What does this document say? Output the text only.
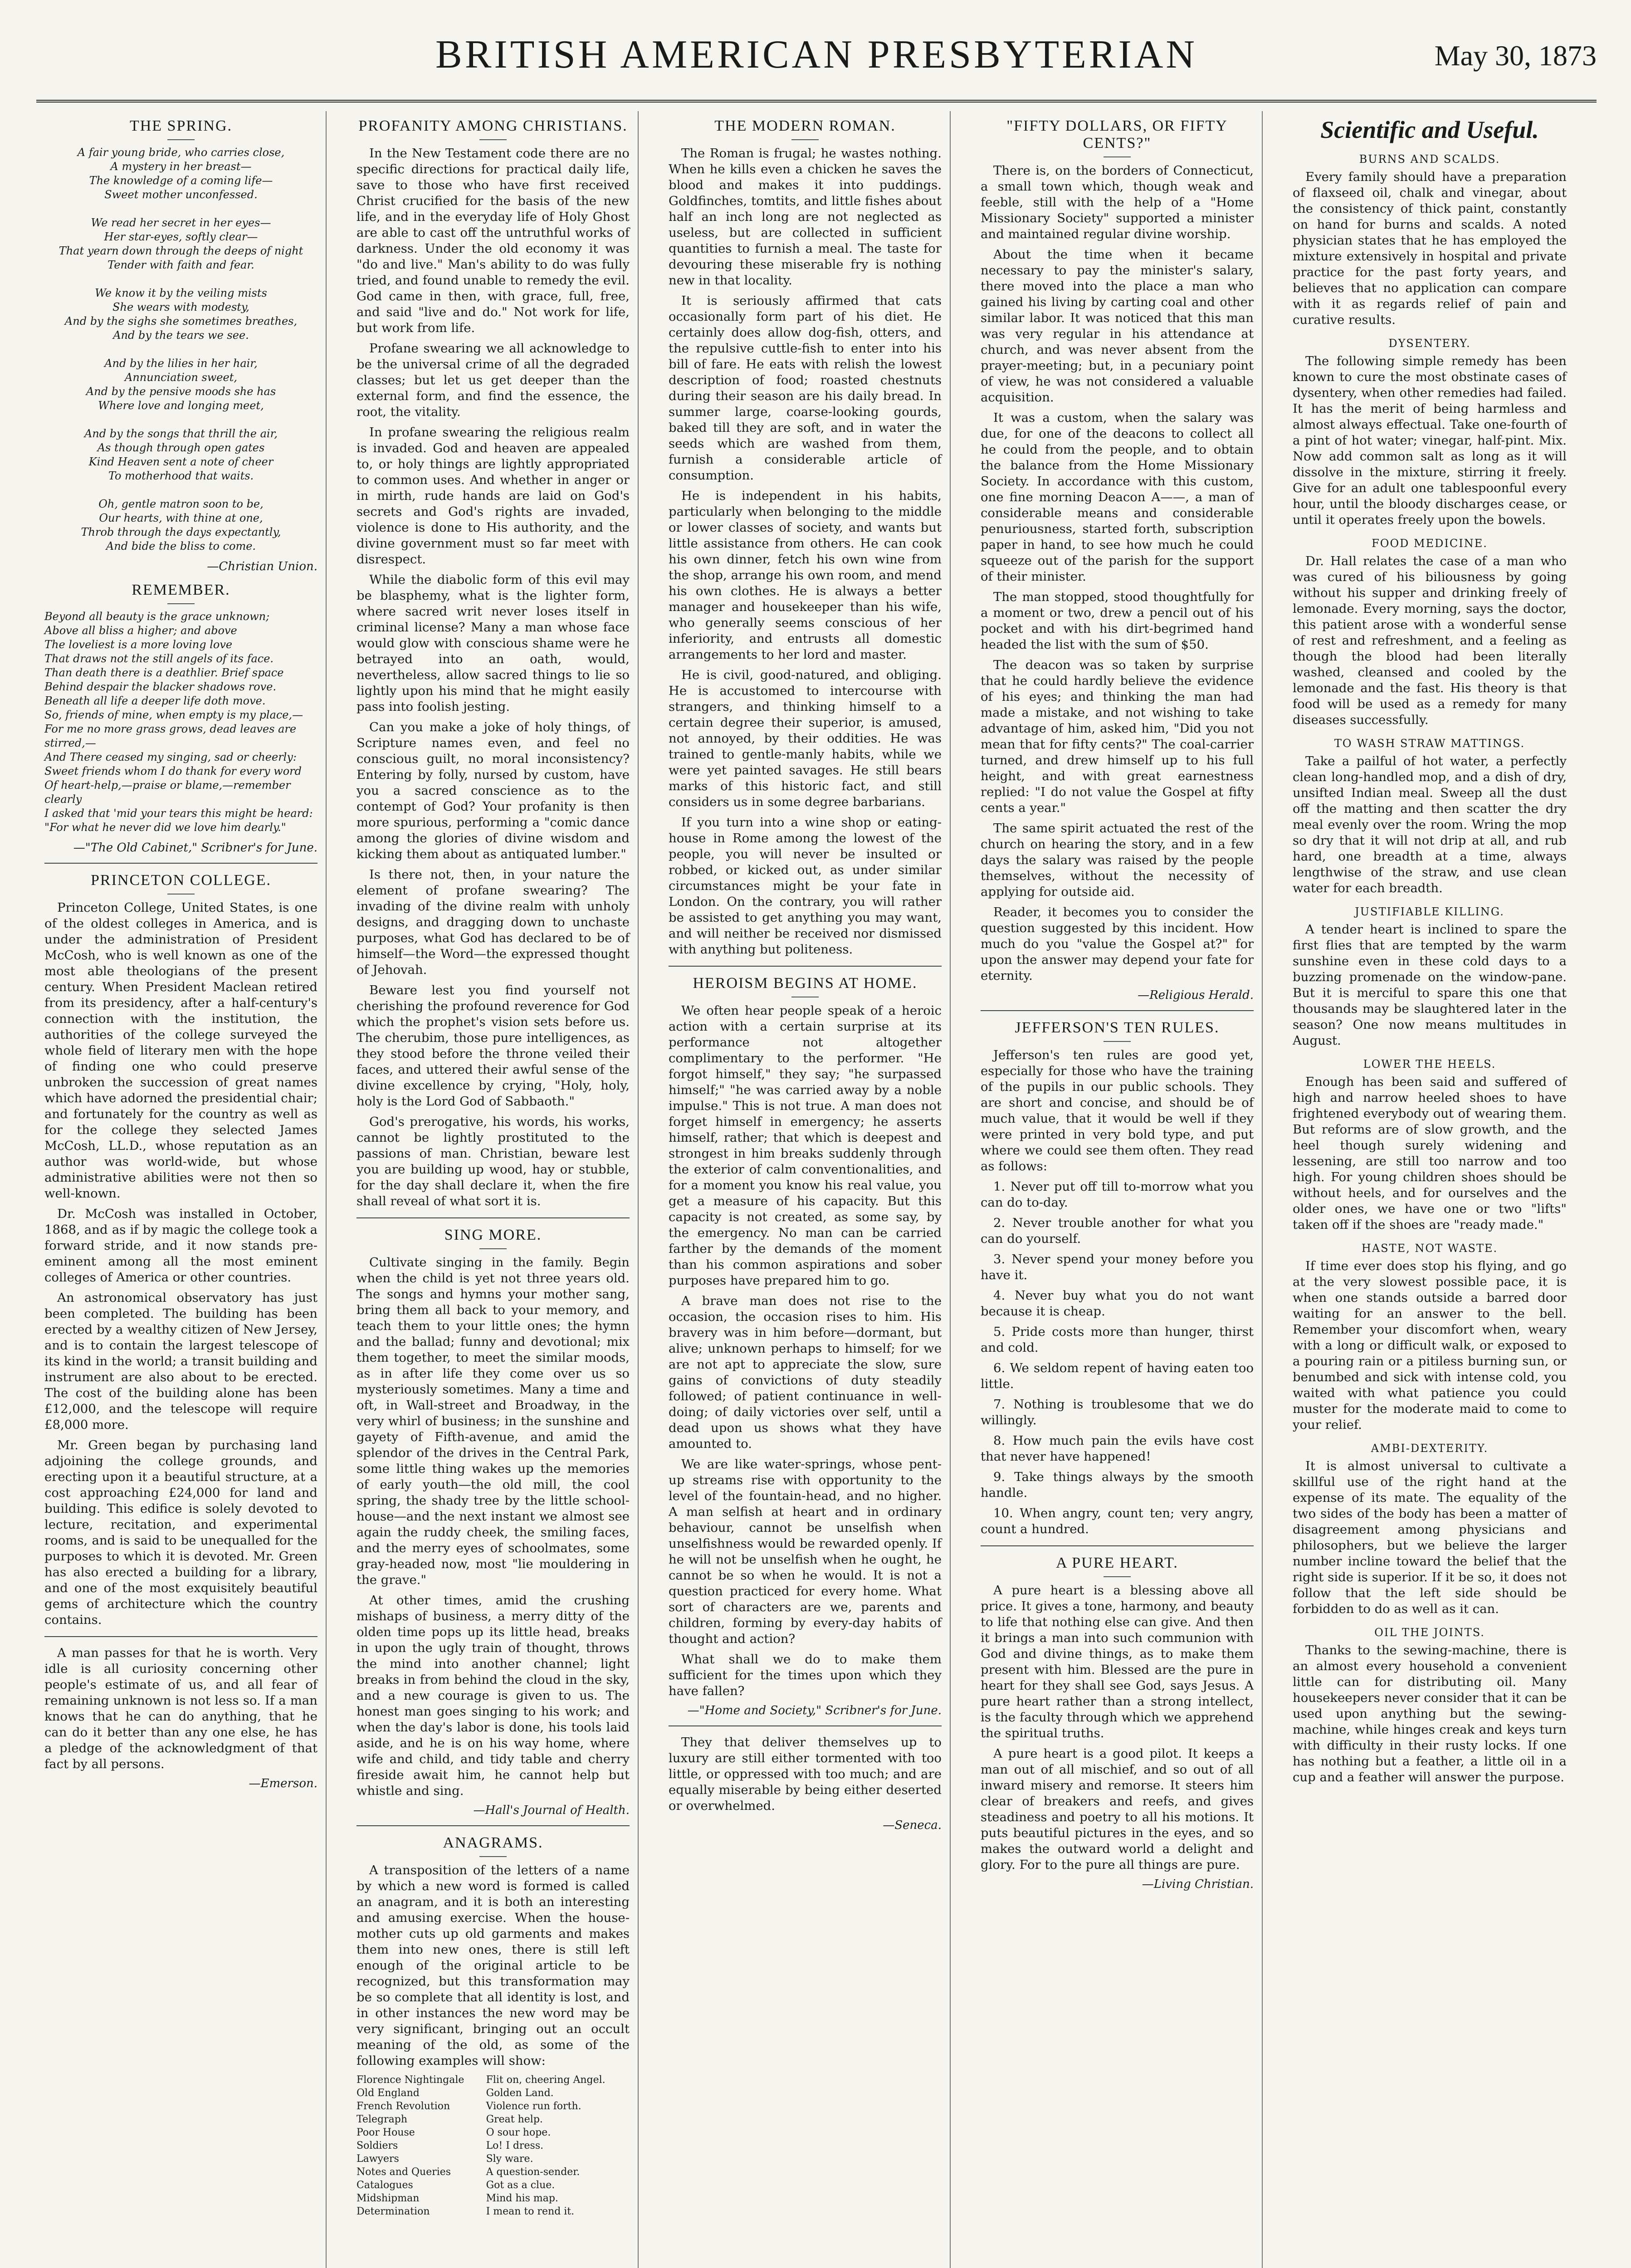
BRITISH AMERICAN PRESBYTERIAN	May 30, 1873
THE SPRING.
A fair young bride, who carries close,
A mystery in her breast—
The knowledge of a coming life—
Sweet mother unconfessed.

We read her secret in her eyes—
Her star-eyes, softly clear—
That yearn down through the deeps of night
Tender with faith and fear.

We know it by the veiling mists
She wears with modesty,
And by the sighs she sometimes breathes,
And by the tears we see.

And by the lilies in her hair,
Annunciation sweet,
And by the pensive moods she has
Where love and longing meet,

And by the songs that thrill the air,
As though through open gates
Kind Heaven sent a note of cheer
To motherhood that waits.

Oh, gentle matron soon to be,
Our hearts, with thine at one,
Throb through the days expectantly,
And bide the bliss to come.
—Christian Union.
REMEMBER.
Beyond all beauty is the grace unknown;
Above all bliss a higher; and above
The loveliest is a more loving love
That draws not the still angels of its face.
Than death there is a deathlier. Brief space
Behind despair the blacker shadows rove.
Beneath all life a deeper life doth move.
So, friends of mine, when empty is my place,—
For me no more grass grows, dead leaves are stirred,—
And There ceased my singing, sad or cheerly:
Sweet friends whom I do thank for every word
Of heart-help,—praise or blame,—remember clearly
I asked that 'mid your tears this might be heard:
"For what he never did we love him dearly."
—"The Old Cabinet," Scribner's for June.
PRINCETON COLLEGE.

Princeton College, United States, is one of the oldest colleges in America, and is under the administration of President McCosh, who is well known as one of the most able theologians of the present century. When President Maclean retired from its presidency, after a half-century's connection with the institution, the authorities of the college surveyed the whole field of literary men with the hope of finding one who could preserve unbroken the succession of great names which have adorned the presidential chair; and fortunately for the country as well as for the college they selected James McCosh, LL.D., whose reputation as an author was world-wide, but whose administrative abilities were not then so well-known.

Dr. McCosh was installed in October, 1868, and as if by magic the college took a forward stride, and it now stands pre-eminent among all the most eminent colleges of America or other countries.

An astronomical observatory has just been completed. The building has been erected by a wealthy citizen of New Jersey, and is to contain the largest telescope of its kind in the world; a transit building and instrument are also about to be erected. The cost of the building alone has been £12,000, and the telescope will require £8,000 more.

Mr. Green began by purchasing land adjoining the college grounds, and erecting upon it a beautiful structure, at a cost approaching £24,000 for land and building. This edifice is solely devoted to lecture, recitation, and experimental rooms, and is said to be unequalled for the purposes to which it is devoted. Mr. Green has also erected a building for a library, and one of the most exquisitely beautiful gems of architecture which the country contains.

A man passes for that he is worth. Very idle is all curiosity concerning other people's estimate of us, and all fear of remaining unknown is not less so. If a man knows that he can do anything, that he can do it better than any one else, he has a pledge of the acknowledgment of that fact by all persons.

—Emerson.
PROFANITY AMONG CHRISTIANS.

In the New Testament code there are no specific directions for practical daily life, save to those who have first received Christ crucified for the basis of the new life, and in the everyday life of Holy Ghost are able to cast off the untruthful works of darkness. Under the old economy it was "do and live." Man's ability to do was fully tried, and found unable to remedy the evil. God came in then, with grace, full, free, and said "live and do." Not work for life, but work from life.

Profane swearing we all acknowledge to be the universal crime of all the degraded classes; but let us get deeper than the external form, and find the essence, the root, the vitality.

In profane swearing the religious realm is invaded. God and heaven are appealed to, or holy things are lightly appropriated to common uses. And whether in anger or in mirth, rude hands are laid on God's secrets and God's rights are invaded, violence is done to His authority, and the divine government must so far meet with disrespect.

While the diabolic form of this evil may be blasphemy, what is the lighter form, where sacred writ never loses itself in criminal license? Many a man whose face would glow with conscious shame were he betrayed into an oath, would, nevertheless, allow sacred things to lie so lightly upon his mind that he might easily pass into foolish jesting.

Can you make a joke of holy things, of Scripture names even, and feel no conscious guilt, no moral inconsistency? Entering by folly, nursed by custom, have you a sacred conscience as to the contempt of God? Your profanity is then more spurious, performing a "comic dance among the glories of divine wisdom and kicking them about as antiquated lumber."

Is there not, then, in your nature the element of profane swearing? The invading of the divine realm with unholy designs, and dragging down to unchaste purposes, what God has declared to be of himself—the Word—the expressed thought of Jehovah.

Beware lest you find yourself not cherishing the profound reverence for God which the prophet's vision sets before us. The cherubim, those pure intelligences, as they stood before the throne veiled their faces, and uttered their awful sense of the divine excellence by crying, "Holy, holy, holy is the Lord God of Sabbaoth."

God's prerogative, his words, his works, cannot be lightly prostituted to the passions of man. Christian, beware lest you are building up wood, hay or stubble, for the day shall declare it, when the fire shall reveal of what sort it is.

SING MORE.

Cultivate singing in the family. Begin when the child is yet not three years old. The songs and hymns your mother sang, bring them all back to your memory, and teach them to your little ones; the hymn and the ballad; funny and devotional; mix them together, to meet the similar moods, as in after life they come over us so mysteriously sometimes. Many a time and oft, in Wall-street and Broadway, in the very whirl of business; in the sunshine and gayety of Fifth-avenue, and amid the splendor of the drives in the Central Park, some little thing wakes up the memories of early youth—the old mill, the cool spring, the shady tree by the little school-house—and the next instant we almost see again the ruddy cheek, the smiling faces, and the merry eyes of schoolmates, some gray-headed now, most "lie mouldering in the grave."

At other times, amid the crushing mishaps of business, a merry ditty of the olden time pops up its little head, breaks in upon the ugly train of thought, throws the mind into another channel; light breaks in from behind the cloud in the sky, and a new courage is given to us. The honest man goes singing to his work; and when the day's labor is done, his tools laid aside, and he is on his way home, where wife and child, and tidy table and cherry fireside await him, he cannot help but whistle and sing.

—Hall's Journal of Health.
ANAGRAMS.

A transposition of the letters of a name by which a new word is formed is called an anagram, and it is both an interesting and amusing exercise. When the house-mother cuts up old garments and makes them into new ones, there is still left enough of the original article to be recognized, but this transformation may be so complete that all identity is lost, and in other instances the new word may be very significant, bringing out an occult meaning of the old, as some of the following examples will show:

Florence Nightingale	Flit on, cheering Angel.
Old England	Golden Land.
French Revolution	Violence run forth.
Telegraph	Great help.
Poor House	O sour hope.
Soldiers	Lo! I dress.
Lawyers	Sly ware.
Notes and Queries	A question-sender.
Catalogues	Got as a clue.
Midshipman	Mind his map.
Determination	I mean to rend it.
THE MODERN ROMAN.

The Roman is frugal; he wastes nothing. When he kills even a chicken he saves the blood and makes it into puddings. Goldfinches, tomtits, and little fishes about half an inch long are not neglected as useless, but are collected in sufficient quantities to furnish a meal. The taste for devouring these miserable fry is nothing new in that locality.

It is seriously affirmed that cats occasionally form part of his diet. He certainly does allow dog-fish, otters, and the repulsive cuttle-fish to enter into his bill of fare. He eats with relish the lowest description of food; roasted chestnuts during their season are his daily bread. In summer large, coarse-looking gourds, baked till they are soft, and in water the seeds which are washed from them, furnish a considerable article of consumption.

He is independent in his habits, particularly when belonging to the middle or lower classes of society, and wants but little assistance from others. He can cook his own dinner, fetch his own wine from the shop, arrange his own room, and mend his own clothes. He is always a better manager and housekeeper than his wife, who generally seems conscious of her inferiority, and entrusts all domestic arrangements to her lord and master.

He is civil, good-natured, and obliging. He is accustomed to intercourse with strangers, and thinking himself to a certain degree their superior, is amused, not annoyed, by their oddities. He was trained to gentle-manly habits, while we were yet painted savages. He still bears marks of this historic fact, and still considers us in some degree barbarians.

If you turn into a wine shop or eating-house in Rome among the lowest of the people, you will never be insulted or robbed, or kicked out, as under similar circumstances might be your fate in London. On the contrary, you will rather be assisted to get anything you may want, and will neither be received nor dismissed with anything but politeness.

HEROISM BEGINS AT HOME.

We often hear people speak of a heroic action with a certain surprise at its performance not altogether complimentary to the performer. "He forgot himself," they say; "he surpassed himself;" "he was carried away by a noble impulse." This is not true. A man does not forget himself in emergency; he asserts himself, rather; that which is deepest and strongest in him breaks suddenly through the exterior of calm conventionalities, and for a moment you know his real value, you get a measure of his capacity. But this capacity is not created, as some say, by the emergency. No man can be carried farther by the demands of the moment than his common aspirations and sober purposes have prepared him to go.

A brave man does not rise to the occasion, the occasion rises to him. His bravery was in him before—dormant, but alive; unknown perhaps to himself; for we are not apt to appreciate the slow, sure gains of convictions of duty steadily followed; of patient continuance in well-doing; of daily victories over self, until a dead upon us shows what they have amounted to.

We are like water-springs, whose pent-up streams rise with opportunity to the level of the fountain-head, and no higher. A man selfish at heart and in ordinary behaviour, cannot be unselfish when unselfishness would be rewarded openly. If he will not be unselfish when he ought, he cannot be so when he would. It is not a question practiced for every home. What sort of characters are we, parents and children, forming by every-day habits of thought and action?

What shall we do to make them sufficient for the times upon which they have fallen?

—"Home and Society," Scribner's for June.

They that deliver themselves up to luxury are still either tormented with too little, or oppressed with too much; and are equally miserable by being either deserted or overwhelmed.

—Seneca.
"FIFTY DOLLARS, OR FIFTY CENTS?"

There is, on the borders of Connecticut, a small town which, though weak and feeble, still with the help of a "Home Missionary Society" supported a minister and maintained regular divine worship.

About the time when it became necessary to pay the minister's salary, there moved into the place a man who gained his living by carting coal and other similar labor. It was noticed that this man was very regular in his attendance at church, and was never absent from the prayer-meeting; but, in a pecuniary point of view, he was not considered a valuable acquisition.

It was a custom, when the salary was due, for one of the deacons to collect all he could from the people, and to obtain the balance from the Home Missionary Society. In accordance with this custom, one fine morning Deacon A——, a man of considerable means and considerable penuriousness, started forth, subscription paper in hand, to see how much he could squeeze out of the parish for the support of their minister.

The man stopped, stood thoughtfully for a moment or two, drew a pencil out of his pocket and with his dirt-begrimed hand headed the list with the sum of $50.

The deacon was so taken by surprise that he could hardly believe the evidence of his eyes; and thinking the man had made a mistake, and not wishing to take advantage of him, asked him, "Did you not mean that for fifty cents?" The coal-carrier turned, and drew himself up to his full height, and with great earnestness replied: "I do not value the Gospel at fifty cents a year."

The same spirit actuated the rest of the church on hearing the story, and in a few days the salary was raised by the people themselves, without the necessity of applying for outside aid.

Reader, it becomes you to consider the question suggested by this incident. How much do you "value the Gospel at?" for upon the answer may depend your fate for eternity.

—Religious Herald.
JEFFERSON'S TEN RULES.

Jefferson's ten rules are good yet, especially for those who have the training of the pupils in our public schools. They are short and concise, and should be of much value, that it would be well if they were printed in very bold type, and put where we could see them often. They read as follows:

1. Never put off till to-morrow what you can do to-day.

2. Never trouble another for what you can do yourself.

3. Never spend your money before you have it.

4. Never buy what you do not want because it is cheap.

5. Pride costs more than hunger, thirst and cold.

6. We seldom repent of having eaten too little.

7. Nothing is troublesome that we do willingly.

8. How much pain the evils have cost that never have happened!

9. Take things always by the smooth handle.

10. When angry, count ten; very angry, count a hundred.

A PURE HEART.

A pure heart is a blessing above all price. It gives a tone, harmony, and beauty to life that nothing else can give. And then it brings a man into such communion with God and divine things, as to make them present with him. Blessed are the pure in heart for they shall see God, says Jesus. A pure heart rather than a strong intellect, is the faculty through which we apprehend the spiritual truths.

A pure heart is a good pilot. It keeps a man out of all mischief, and so out of all inward misery and remorse. It steers him clear of breakers and reefs, and gives steadiness and poetry to all his motions. It puts beautiful pictures in the eyes, and so makes the outward world a delight and glory. For to the pure all things are pure.

—Living Christian.
Scientific and Useful.
BURNS AND SCALDS.

Every family should have a preparation of flaxseed oil, chalk and vinegar, about the consistency of thick paint, constantly on hand for burns and scalds. A noted physician states that he has employed the mixture extensively in hospital and private practice for the past forty years, and believes that no application can compare with it as regards relief of pain and curative results.

DYSENTERY.

The following simple remedy has been known to cure the most obstinate cases of dysentery, when other remedies had failed. It has the merit of being harmless and almost always effectual. Take one-fourth of a pint of hot water; vinegar, half-pint. Mix. Now add common salt as long as it will dissolve in the mixture, stirring it freely. Give for an adult one tablespoonful every hour, until the bloody discharges cease, or until it operates freely upon the bowels.

FOOD MEDICINE.

Dr. Hall relates the case of a man who was cured of his biliousness by going without his supper and drinking freely of lemonade. Every morning, says the doctor, this patient arose with a wonderful sense of rest and refreshment, and a feeling as though the blood had been literally washed, cleansed and cooled by the lemonade and the fast. His theory is that food will be used as a remedy for many diseases successfully.

TO WASH STRAW MATTINGS.

Take a pailful of hot water, a perfectly clean long-handled mop, and a dish of dry, unsifted Indian meal. Sweep all the dust off the matting and then scatter the dry meal evenly over the room. Wring the mop so dry that it will not drip at all, and rub hard, one breadth at a time, always lengthwise of the straw, and use clean water for each breadth.

JUSTIFIABLE KILLING.

A tender heart is inclined to spare the first flies that are tempted by the warm sunshine even in these cold days to a buzzing promenade on the window-pane. But it is merciful to spare this one that thousands may be slaughtered later in the season? One now means multitudes in August.

LOWER THE HEELS.

Enough has been said and suffered of high and narrow heeled shoes to have frightened everybody out of wearing them. But reforms are of slow growth, and the heel though surely widening and lessening, are still too narrow and too high. For young children shoes should be without heels, and for ourselves and the older ones, we have one or two "lifts" taken off if the shoes are "ready made."

HASTE, NOT WASTE.

If time ever does stop his flying, and go at the very slowest possible pace, it is when one stands outside a barred door waiting for an answer to the bell. Remember your discomfort when, weary with a long or difficult walk, or exposed to a pouring rain or a pitiless burning sun, or benumbed and sick with intense cold, you waited with what patience you could muster for the moderate maid to come to your relief.

AMBI-DEXTERITY.

It is almost universal to cultivate a skillful use of the right hand at the expense of its mate. The equality of the two sides of the body has been a matter of disagreement among physicians and philosophers, but we believe the larger number incline toward the belief that the right side is superior. If it be so, it does not follow that the left side should be forbidden to do as well as it can.

OIL THE JOINTS.

Thanks to the sewing-machine, there is an almost every household a convenient little can for distributing oil. Many housekeepers never consider that it can be used upon anything but the sewing-machine, while hinges creak and keys turn with difficulty in their rusty locks. If one has nothing but a feather, a little oil in a cup and a feather will answer the purpose.
